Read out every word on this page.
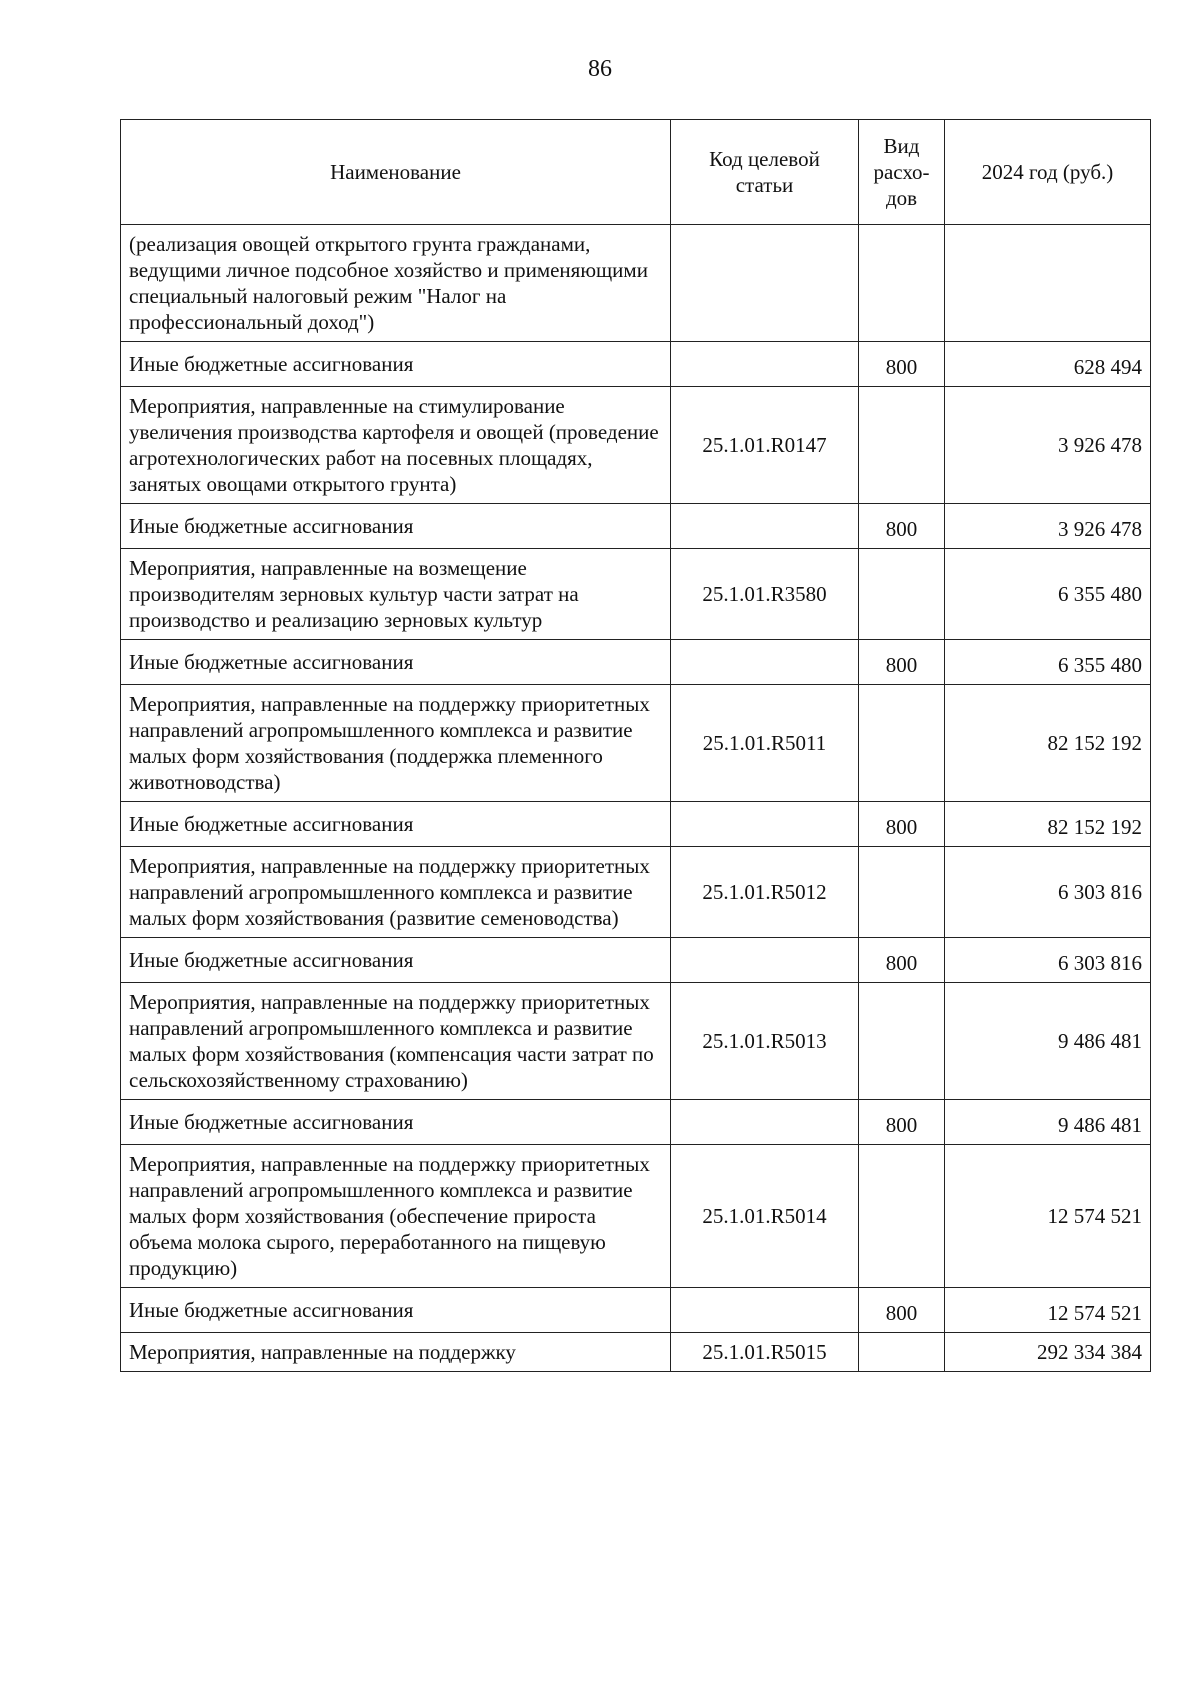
86
Наименование	Код целевой статьи	Вид расхо-дов	2024 год (руб.)
(реализация овощей открытого грунта гражданами, ведущими личное подсобное хозяйство и применяющими специальный налоговый режим "Налог на профессиональный доход")			
Иные бюджетные ассигнования		800	628 494
Мероприятия, направленные на стимулирование увеличения производства картофеля и овощей (проведение агротехнологических работ на посевных площадях, занятых овощами открытого грунта)	25.1.01.R0147		3 926 478
Иные бюджетные ассигнования		800	3 926 478
Мероприятия, направленные на возмещение производителям зерновых культур части затрат на производство и реализацию зерновых культур	25.1.01.R3580		6 355 480
Иные бюджетные ассигнования		800	6 355 480
Мероприятия, направленные на поддержку приоритетных направлений агропромышленного комплекса и развитие малых форм хозяйствования (поддержка племенного животноводства)	25.1.01.R5011		82 152 192
Иные бюджетные ассигнования		800	82 152 192
Мероприятия, направленные на поддержку приоритетных направлений агропромышленного комплекса и развитие малых форм хозяйствования (развитие семеноводства)	25.1.01.R5012		6 303 816
Иные бюджетные ассигнования		800	6 303 816
Мероприятия, направленные на поддержку приоритетных направлений агропромышленного комплекса и развитие малых форм хозяйствования (компенсация части затрат по сельскохозяйственному страхованию)	25.1.01.R5013		9 486 481
Иные бюджетные ассигнования		800	9 486 481
Мероприятия, направленные на поддержку приоритетных направлений агропромышленного комплекса и развитие малых форм хозяйствования (обеспечение прироста объема молока сырого, переработанного на пищевую продукцию)	25.1.01.R5014		12 574 521
Иные бюджетные ассигнования		800	12 574 521
Мероприятия, направленные на поддержку	25.1.01.R5015		292 334 384
